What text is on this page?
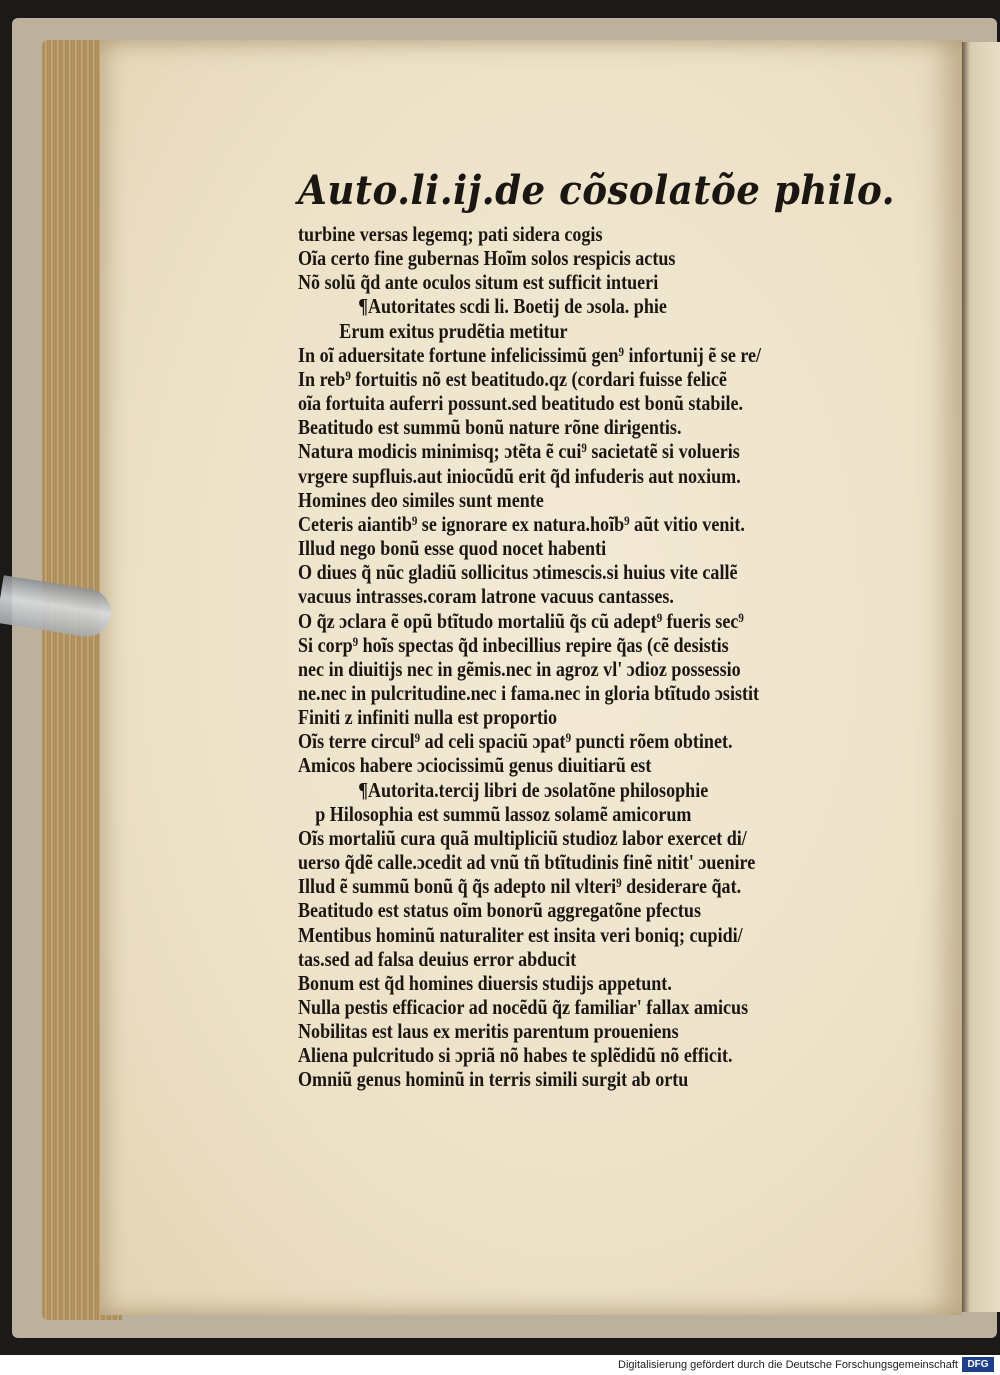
Auto.li.ij.de cõsolatõe philo.
turbine versas legemq; pati sidera cogis
Oĩa certo fine gubernas Hoĩm solos respicis actus
Nõ solũ q̃d ante oculos situm est sufficit intueri
¶Autoritates scdi li. Boetij de ɔsola. phie
Erum exitus prudẽtia metitur
In oĩ aduersitate fortune infelicissimũ gen⁹ infortunij ẽ se re/
In reb⁹ fortuitis nõ est beatitudo.qz (cordari fuisse felicẽ
oĩa fortuita auferri possunt.sed beatitudo est bonũ stabile.
Beatitudo est summũ bonũ nature rõne dirigentis.
Natura modicis minimisq; ɔtẽta ẽ cui⁹ sacietatẽ si volueris
vrgere supfluis.aut iniocũdũ erit q̃d infuderis aut noxium.
Homines deo similes sunt mente
Ceteris aiantib⁹ se ignorare ex natura.hoĩb⁹ aũt vitio venit.
Illud nego bonũ esse quod nocet habenti
O diues q̃ nũc gladiũ sollicitus ɔtimescis.si huius vite callẽ
vacuus intrasses.coram latrone vacuus cantasses.
O q̃z ɔclara ẽ opũ btĩtudo mortaliũ q̃s cũ adept⁹ fueris sec⁹
Si corp⁹ hoĩs spectas q̃d inbecillius repire q̃as (cẽ desistis
nec in diuitijs nec in gẽmis.nec in agroz vl' ɔdioz possessio
ne.nec in pulcritudine.nec i fama.nec in gloria btĩtudo ɔsistit
Finiti z infiniti nulla est proportio
Oĩs terre circul⁹ ad celi spaciũ ɔpat⁹ puncti rõem obtinet.
Amicos habere ɔciocissimũ genus diuitiarũ est
¶Autorita.tercij libri de ɔsolatõne philosophie
p Hilosophia est summũ lassoz solamẽ amicorum
Oĩs mortaliũ cura quã multipliciũ studioz labor exercet di/
uerso q̃dẽ calle.ɔcedit ad vnũ tñ btĩtudinis finẽ nitit' ɔuenire
Illud ẽ summũ bonũ q̃ q̃s adepto nil vlteri⁹ desiderare q̃at.
Beatitudo est status oĩm bonorũ aggregatõne pfectus
Mentibus hominũ naturaliter est insita veri boniq; cupidi/
tas.sed ad falsa deuius error abducit
Bonum est q̃d homines diuersis studijs appetunt.
Nulla pestis efficacior ad nocẽdũ q̃z familiar' fallax amicus
Nobilitas est laus ex meritis parentum proueniens
Aliena pulcritudo si ɔpriã nõ habes te splẽdidũ nõ efficit.
Omniũ genus hominũ in terris simili surgit ab ortu
Digitalisierung gefördert durch die Deutsche Forschungsgemeinschaft DFG
